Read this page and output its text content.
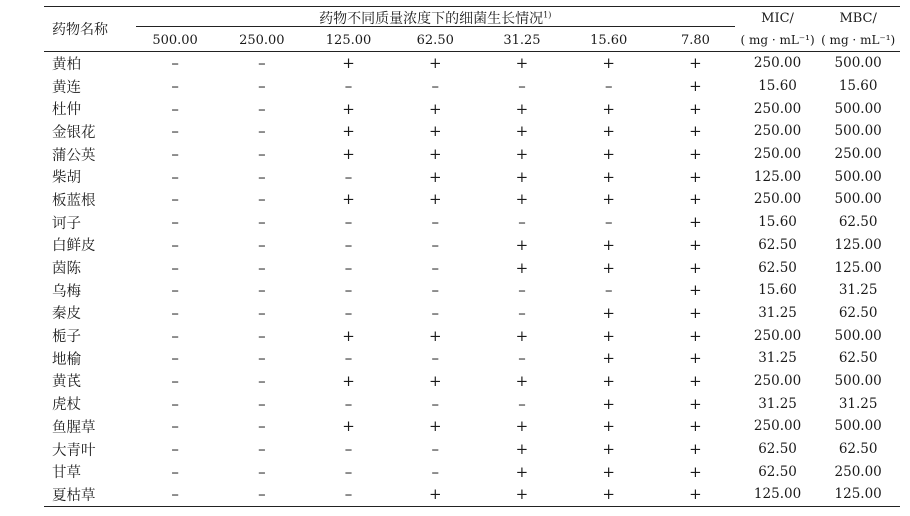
药物名称	药物不同质量浓度下的细菌生长情况$^{1)}$							MIC/	MBC/
	500.00	250.00	125.00	62.50	31.25	15.60	7.80	( mg · mL⁻¹)	( mg · mL⁻¹)
黄柏	–	–	+	+	+	+	+	250.00	500.00
黄连	–	–	–	–	–	–	+	15.60	15.60
杜仲	–	–	+	+	+	+	+	250.00	500.00
金银花	–	–	+	+	+	+	+	250.00	500.00
蒲公英	–	–	+	+	+	+	+	250.00	250.00
柴胡	–	–	–	+	+	+	+	125.00	500.00
板蓝根	–	–	+	+	+	+	+	250.00	500.00
诃子	–	–	–	–	–	–	+	15.60	62.50
白鲜皮	–	–	–	–	+	+	+	62.50	125.00
茵陈	–	–	–	–	+	+	+	62.50	125.00
乌梅	–	–	–	–	–	–	+	15.60	31.25
秦皮	–	–	–	–	–	+	+	31.25	62.50
栀子	–	–	+	+	+	+	+	250.00	500.00
地榆	–	–	–	–	–	+	+	31.25	62.50
黄芪	–	–	+	+	+	+	+	250.00	500.00
虎杖	–	–	–	–	–	+	+	31.25	31.25
鱼腥草	–	–	+	+	+	+	+	250.00	500.00
大青叶	–	–	–	–	+	+	+	62.50	62.50
甘草	–	–	–	–	+	+	+	62.50	250.00
夏枯草	–	–	–	+	+	+	+	125.00	125.00
